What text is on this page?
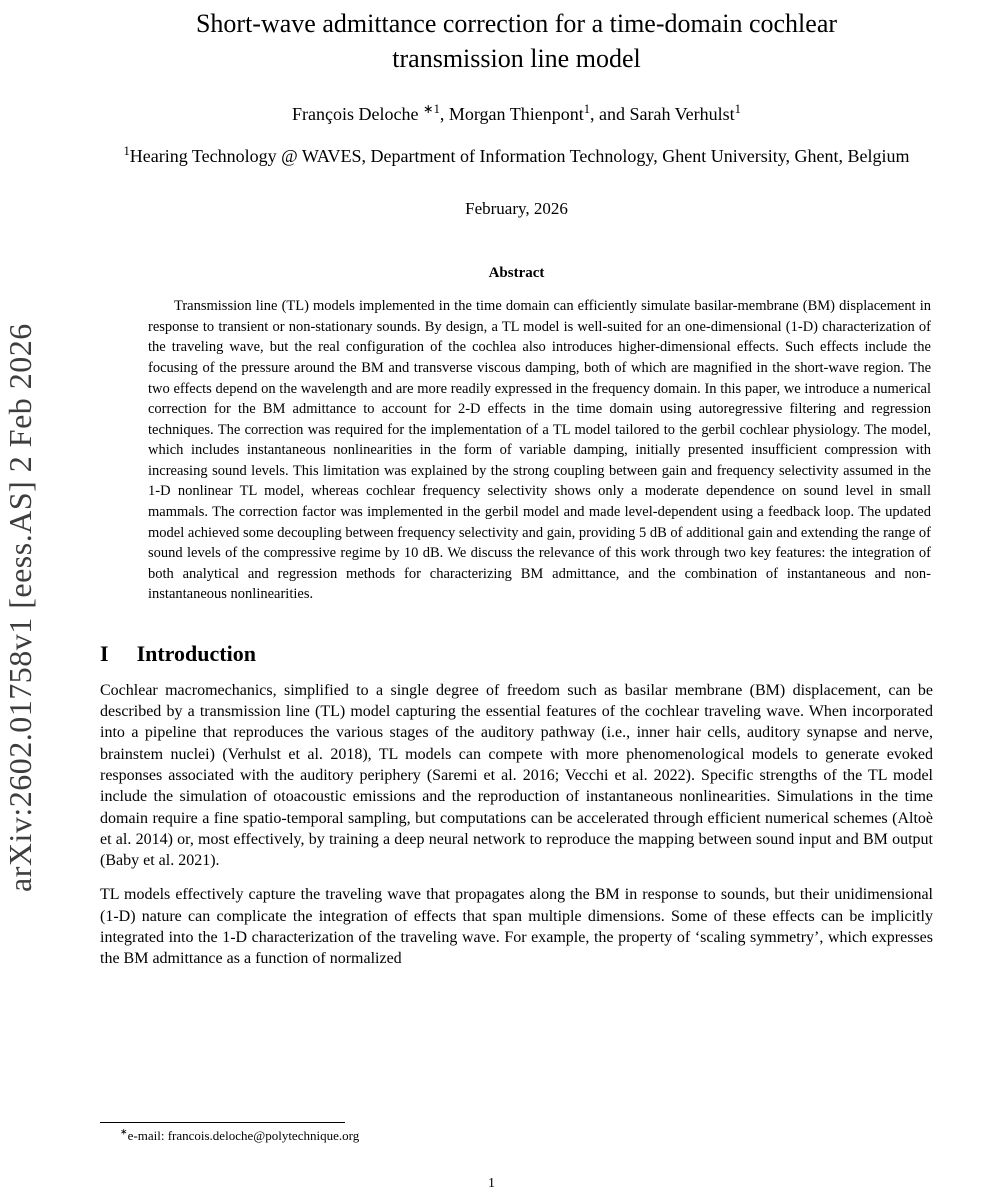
arXiv:2602.01758v1 [eess.AS] 2 Feb 2026
Short-wave admittance correction for a time-domain cochlear transmission line model
François Deloche $^{∗1}$, Morgan Thienpont$^1$, and Sarah Verhulst$^1$
$^1$Hearing Technology @ WAVES, Department of Information Technology, Ghent University, Ghent, Belgium
February, 2026
Abstract
Transmission line (TL) models implemented in the time domain can efficiently simulate basilar-membrane (BM) displacement in response to transient or non-stationary sounds. By design, a TL model is well-suited for an one-dimensional (1-D) characterization of the traveling wave, but the real configuration of the cochlea also introduces higher-dimensional effects. Such effects include the focusing of the pressure around the BM and transverse viscous damping, both of which are magnified in the short-wave region. The two effects depend on the wavelength and are more readily expressed in the frequency domain. In this paper, we introduce a numerical correction for the BM admittance to account for 2-D effects in the time domain using autoregressive filtering and regression techniques. The correction was required for the implementation of a TL model tailored to the gerbil cochlear physiology. The model, which includes instantaneous nonlinearities in the form of variable damping, initially presented insufficient compression with increasing sound levels. This limitation was explained by the strong coupling between gain and frequency selectivity assumed in the 1-D nonlinear TL model, whereas cochlear frequency selectivity shows only a moderate dependence on sound level in small mammals. The correction factor was implemented in the gerbil model and made level-dependent using a feedback loop. The updated model achieved some decoupling between frequency selectivity and gain, providing 5 dB of additional gain and extending the range of sound levels of the compressive regime by 10 dB. We discuss the relevance of this work through two key features: the integration of both analytical and regression methods for characterizing BM admittance, and the combination of instantaneous and non-instantaneous nonlinearities.
I Introduction
Cochlear macromechanics, simplified to a single degree of freedom such as basilar membrane (BM) displacement, can be described by a transmission line (TL) model capturing the essential features of the cochlear traveling wave. When incorporated into a pipeline that reproduces the various stages of the auditory pathway (i.e., inner hair cells, auditory synapse and nerve, brainstem nuclei) (Verhulst et al. 2018), TL models can compete with more phenomenological models to generate evoked responses associated with the auditory periphery (Saremi et al. 2016; Vecchi et al. 2022). Specific strengths of the TL model include the simulation of otoacoustic emissions and the reproduction of instantaneous nonlinearities. Simulations in the time domain require a fine spatio-temporal sampling, but computations can be accelerated through efficient numerical schemes (Altoè et al. 2014) or, most effectively, by training a deep neural network to reproduce the mapping between sound input and BM output (Baby et al. 2021).
TL models effectively capture the traveling wave that propagates along the BM in response to sounds, but their unidimensional (1-D) nature can complicate the integration of effects that span multiple dimensions. Some of these effects can be implicitly integrated into the 1-D characterization of the traveling wave. For example, the property of ‘scaling symmetry’, which expresses the BM admittance as a function of normalized
∗e-mail: francois.deloche@polytechnique.org
1
